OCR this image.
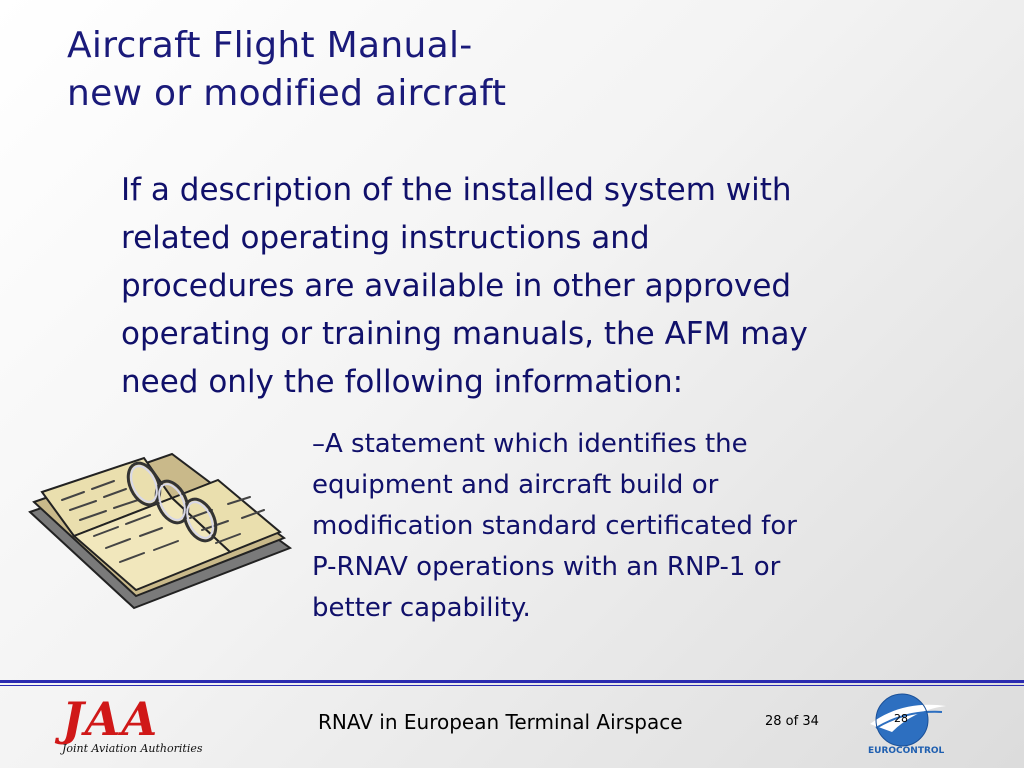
Aircraft Flight Manual-
new or modified aircraft
If a description of the installed system with
related operating instructions and
procedures are available in other approved
operating or training manuals, the AFM may
need only the following information:
–A statement which identifies the
equipment and aircraft build or
modification standard certificated for
P-RNAV operations with an RNP-1 or
better capability.
JAA
Joint Aviation Authorities
RNAV in European Terminal Airspace	28 of 34	28
EUROCONTROL
